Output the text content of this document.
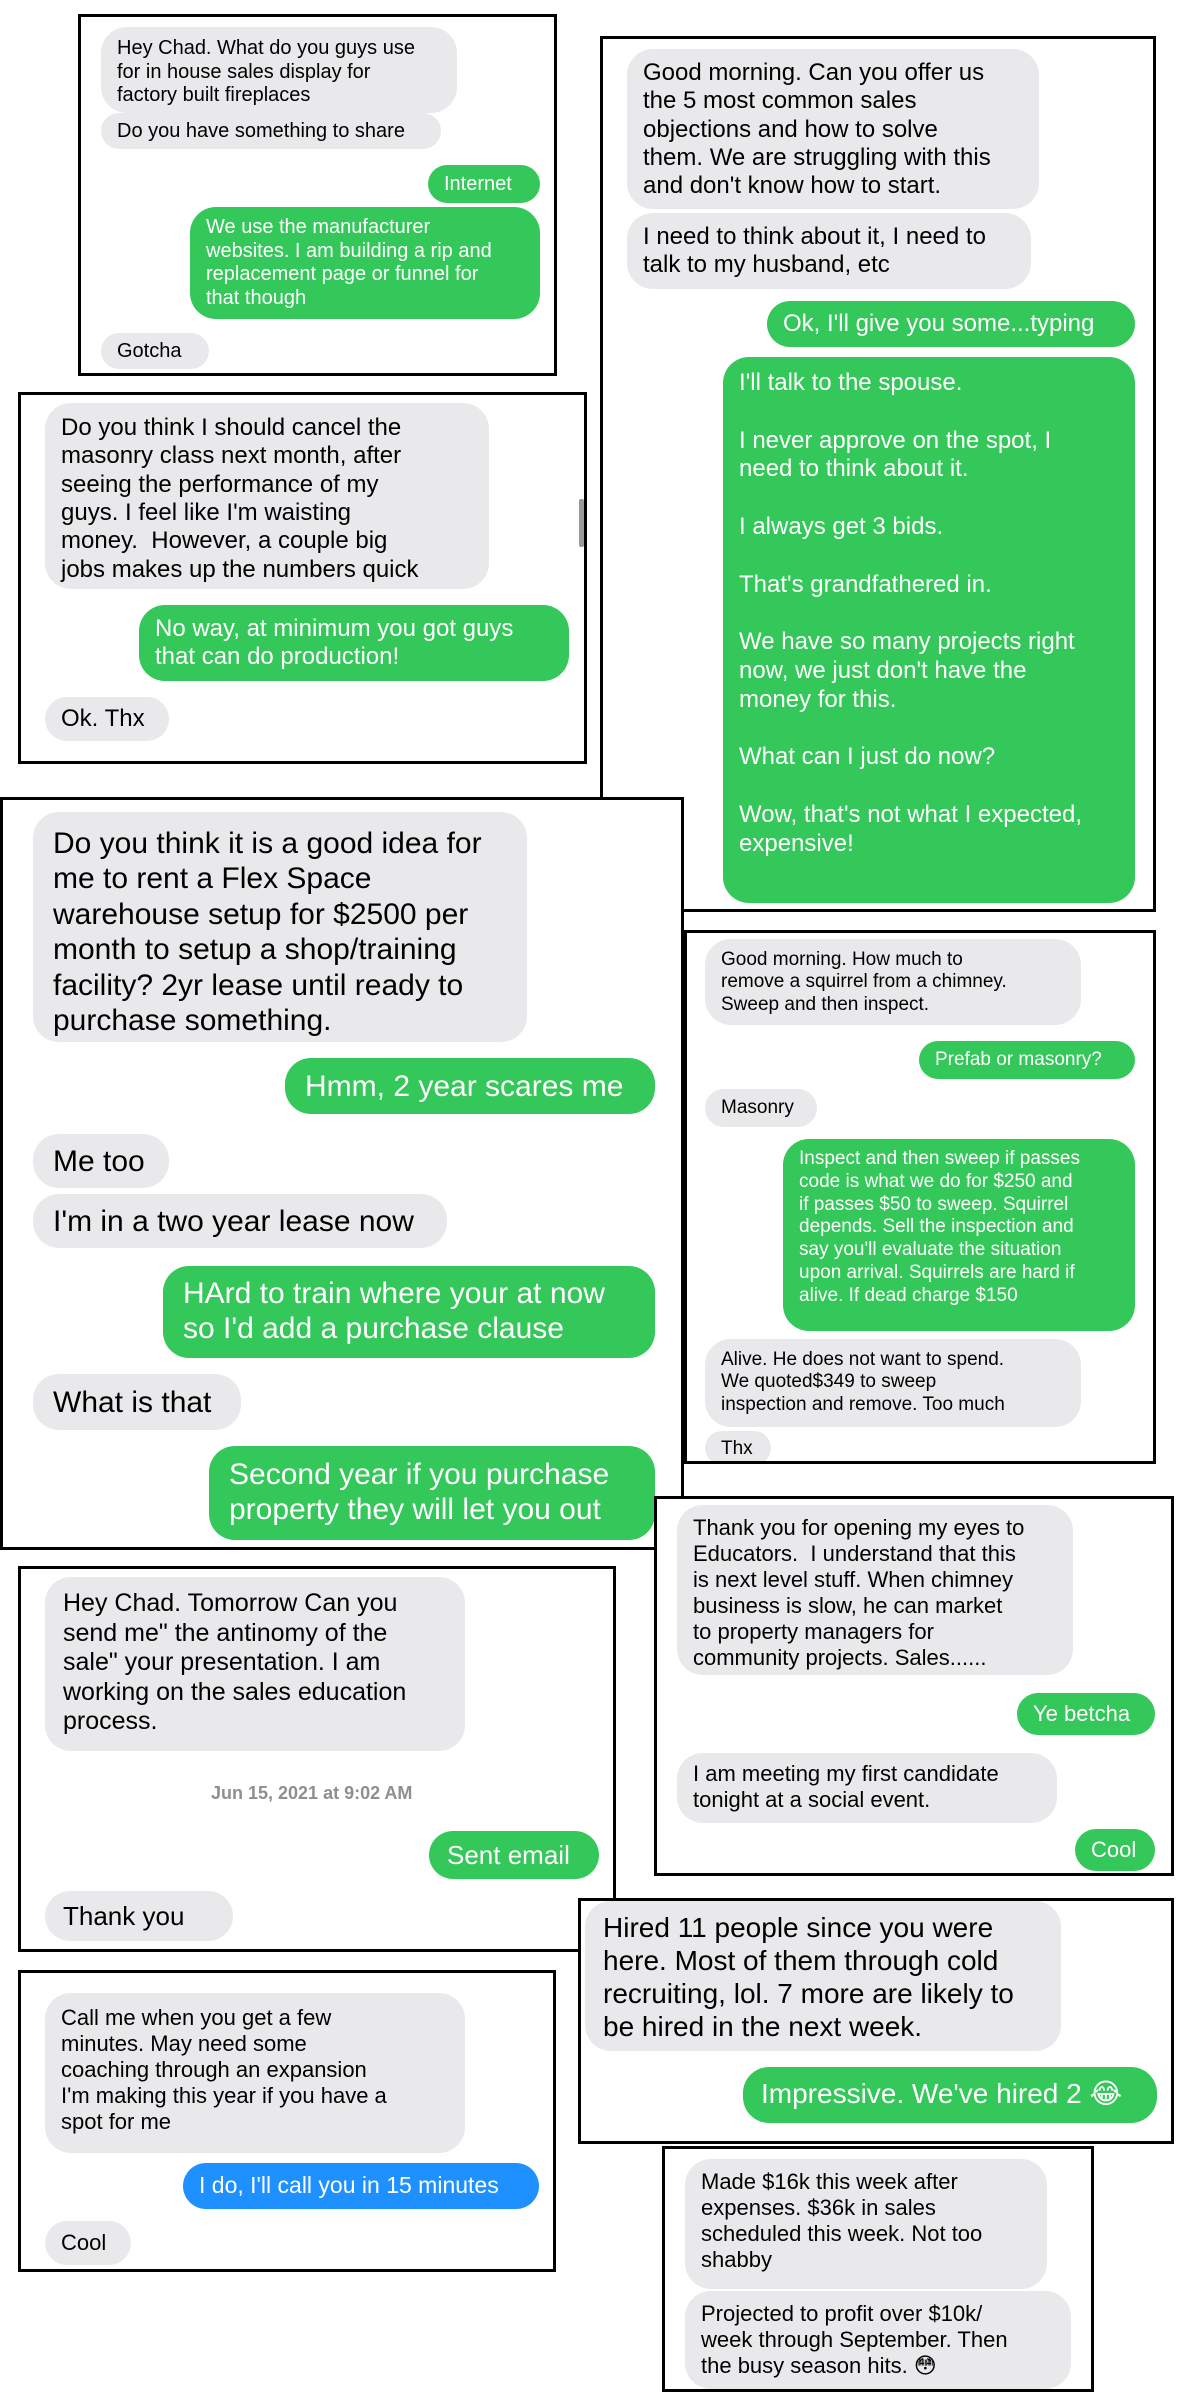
Hey Chad. What do you guys use
for in house sales display for
factory built fireplaces
Do you have something to share
Internet
We use the manufacturer
websites. I am building a rip and
replacement page or funnel for
that though
Gotcha
Good morning. Can you offer us
the 5 most common sales
objections and how to solve
them. We are struggling with this
and don't know how to start.
I need to think about it, I need to
talk to my husband, etc
Ok, I'll give you some...typing
I'll talk to the spouse.

I never approve on the spot, I
need to think about it.

I always get 3 bids.

That's grandfathered in.

We have so many projects right
now, we just don't have the
money for this.

What can I just do now?

Wow, that's not what I expected,
expensive!
Do you think I should cancel the
masonry class next month, after
seeing the performance of my
guys. I feel like I'm waisting
money.  However, a couple big
jobs makes up the numbers quick
No way, at minimum you got guys
that can do production!
Ok. Thx
Do you think it is a good idea for
me to rent a Flex Space
warehouse setup for $2500 per
month to setup a shop/training
facility? 2yr lease until ready to
purchase something.
Hmm, 2 year scares me
Me too
I'm in a two year lease now
HArd to train where your at now
so I'd add a purchase clause
What is that
Second year if you purchase
property they will let you out
Good morning. How much to
remove a squirrel from a chimney.
Sweep and then inspect.
Prefab or masonry?
Masonry
Inspect and then sweep if passes
code is what we do for $250 and
if passes $50 to sweep. Squirrel
depends. Sell the inspection and
say you'll evaluate the situation
upon arrival. Squirrels are hard if
alive. If dead charge $150
Alive. He does not want to spend.
We quoted$349 to sweep
inspection and remove. Too much
Thx
Thank you for opening my eyes to
Educators.  I understand that this
is next level stuff. When chimney
business is slow, he can market
to property managers for
community projects. Sales......
Ye betcha
I am meeting my first candidate
tonight at a social event.
Cool
Hey Chad. Tomorrow Can you
send me" the antinomy of the
sale" your presentation. I am
working on the sales education
process.
Jun 15, 2021 at 9:02 AM
Sent email
Thank you	Hired 11 people since you were
here. Most of them through cold
recruiting, lol. 7 more are likely to
be hired in the next week.
Impressive. We've hired 2 😂
Call me when you get a few
minutes. May need some
coaching through an expansion
I'm making this year if you have a
spot for me
I do, I'll call you in 15 minutes
Cool
Made $16k this week after
expenses. $36k in sales
scheduled this week. Not too
shabby
Projected to profit over $10k/
week through September. Then
the busy season hits. 😳
